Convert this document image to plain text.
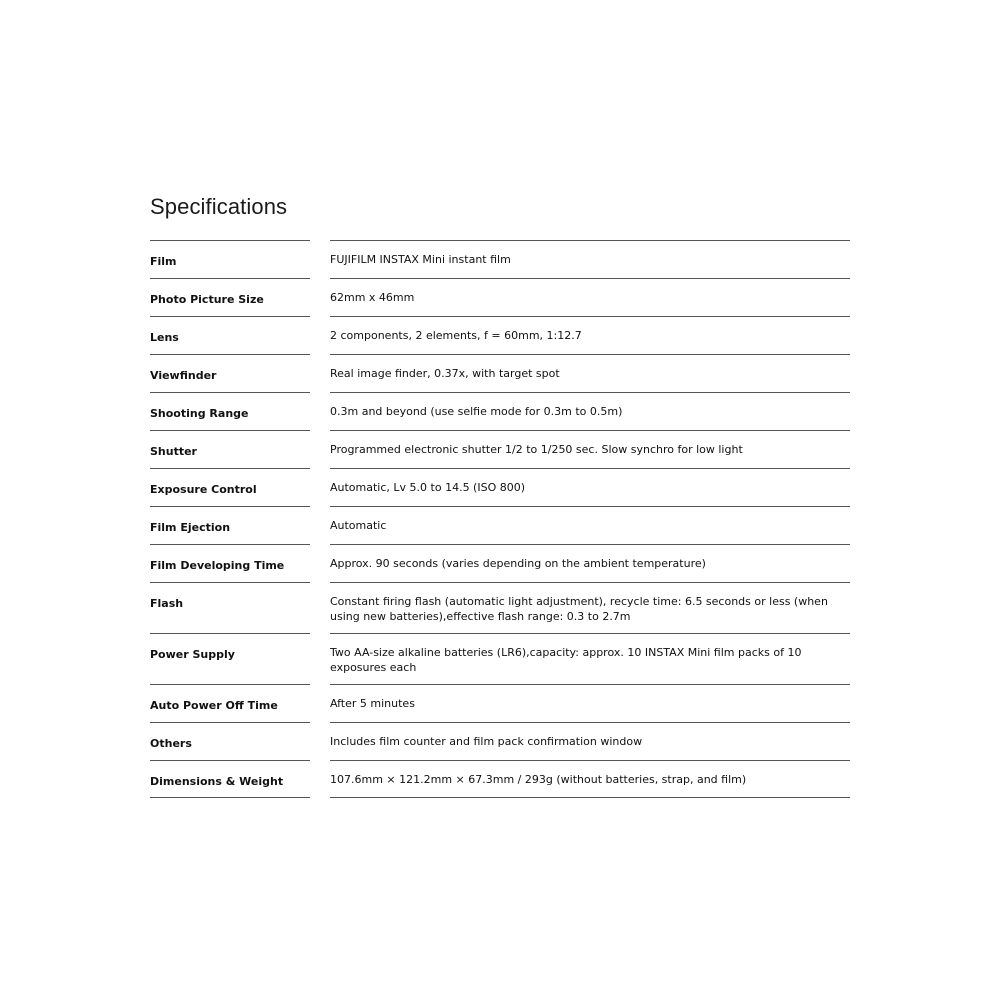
Specifications
Film	FUJIFILM INSTAX Mini instant film
Photo Picture Size	62mm x 46mm
Lens	2 components, 2 elements, f = 60mm, 1:12.7
Viewfinder	Real image finder, 0.37x, with target spot
Shooting Range	0.3m and beyond (use selfie mode for 0.3m to 0.5m)
Shutter	Programmed electronic shutter 1/2 to 1/250 sec. Slow synchro for low light
Exposure Control	Automatic, Lv 5.0 to 14.5 (ISO 800)
Film Ejection	Automatic
Film Developing Time	Approx. 90 seconds (varies depending on the ambient temperature)
Flash	Constant firing flash (automatic light adjustment), recycle time: 6.5 seconds or less (when using new batteries),effective flash range: 0.3 to 2.7m
Power Supply	Two AA-size alkaline batteries (LR6),capacity: approx. 10 INSTAX Mini film packs of 10 exposures each
Auto Power Off Time	After 5 minutes
Others	Includes film counter and film pack confirmation window
Dimensions & Weight	107.6mm × 121.2mm × 67.3mm / 293g (without batteries, strap, and film)
